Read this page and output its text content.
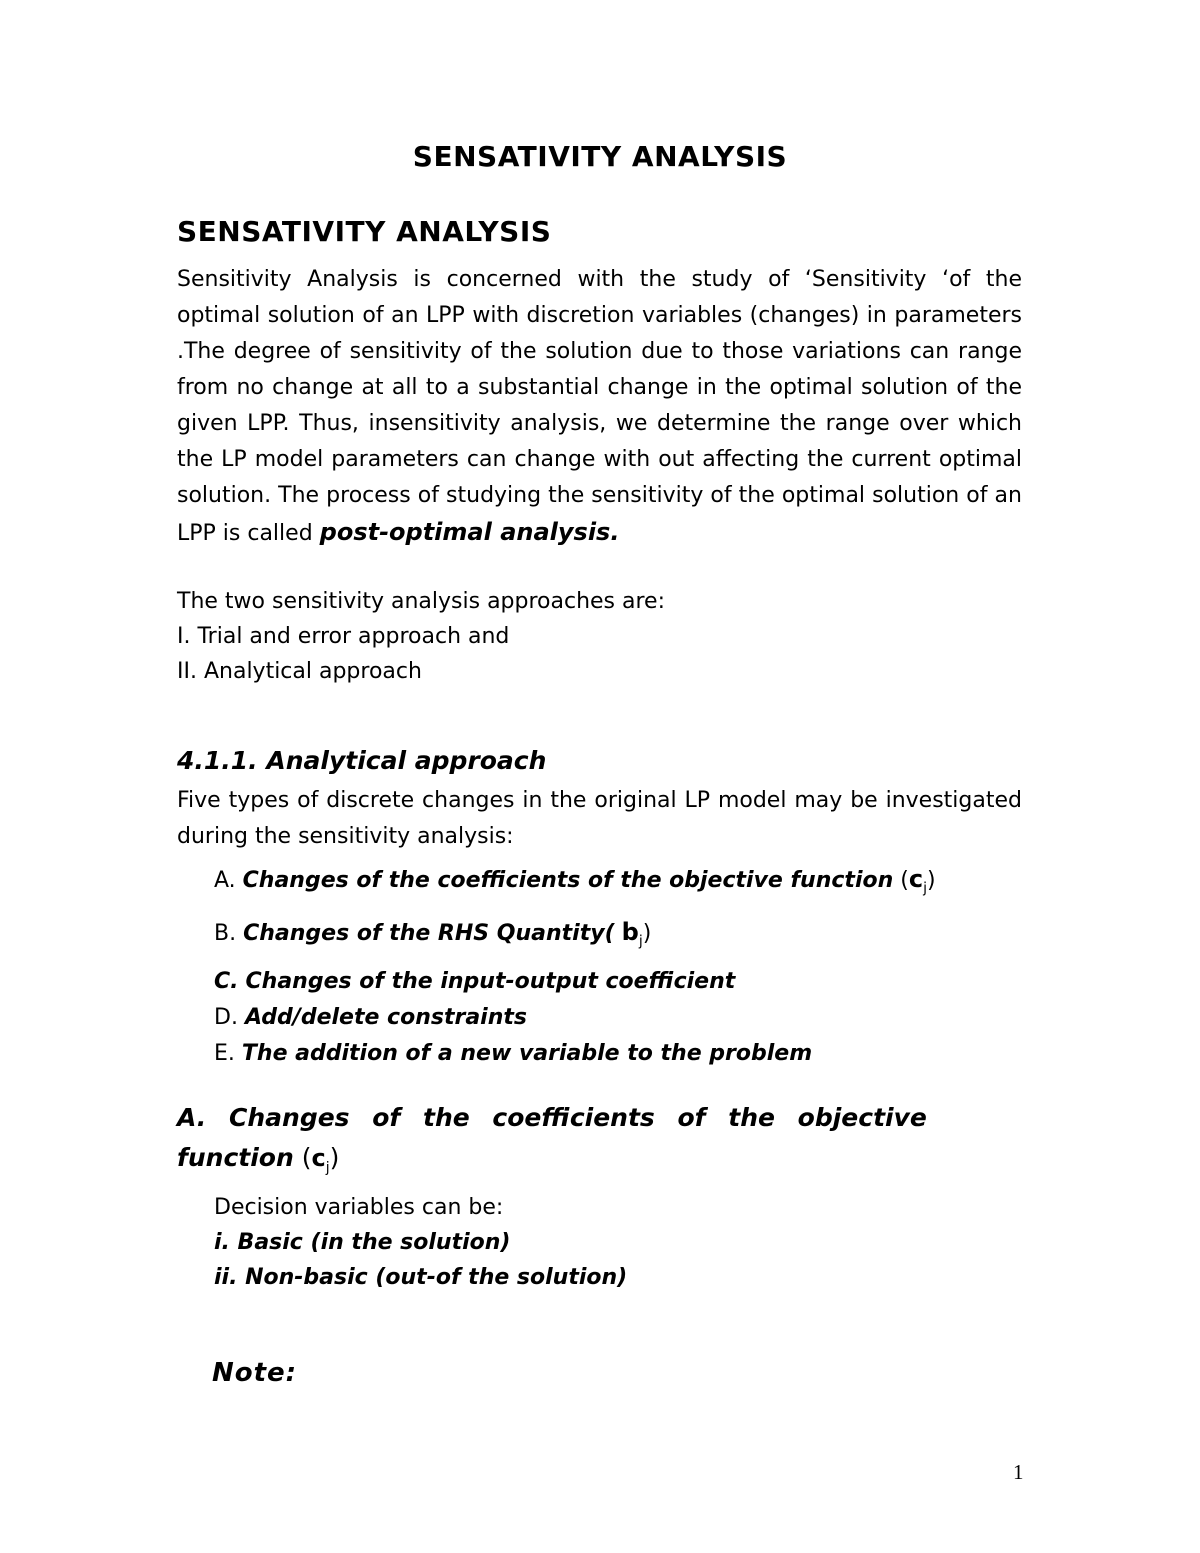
SENSATIVITY ANALYSIS
SENSATIVITY ANALYSIS

Sensitivity Analysis is concerned with the study of ‘Sensitivity ‘of the optimal solution of an LPP with discretion variables (changes) in parameters .The degree of sensitivity of the solution due to those variations can range from no change at all to a substantial change in the optimal solution of the given LPP. Thus, insensitivity analysis, we determine the range over which the LP model parameters can change with out affecting the current optimal solution. The process of studying the sensitivity of the optimal solution of an LPP is called post-optimal analysis.

The two sensitivity analysis approaches are:
I. Trial and error approach and
II. Analytical approach
4.1.1. Analytical approach

Five types of discrete changes in the original LP model may be investigated during the sensitivity analysis:

A. Changes of the coefficients of the objective function $(c_j)$
B. Changes of the RHS Quantity( $b_j$)
C. Changes of the input-output coefficient
D. Add/delete constraints
E. The addition of a new variable to the problem
A. Changes of the coefficients of the objective
function $(c_j)$
Decision variables can be:
i. Basic (in the solution)
ii. Non-basic (out-of the solution)
Note:
1
